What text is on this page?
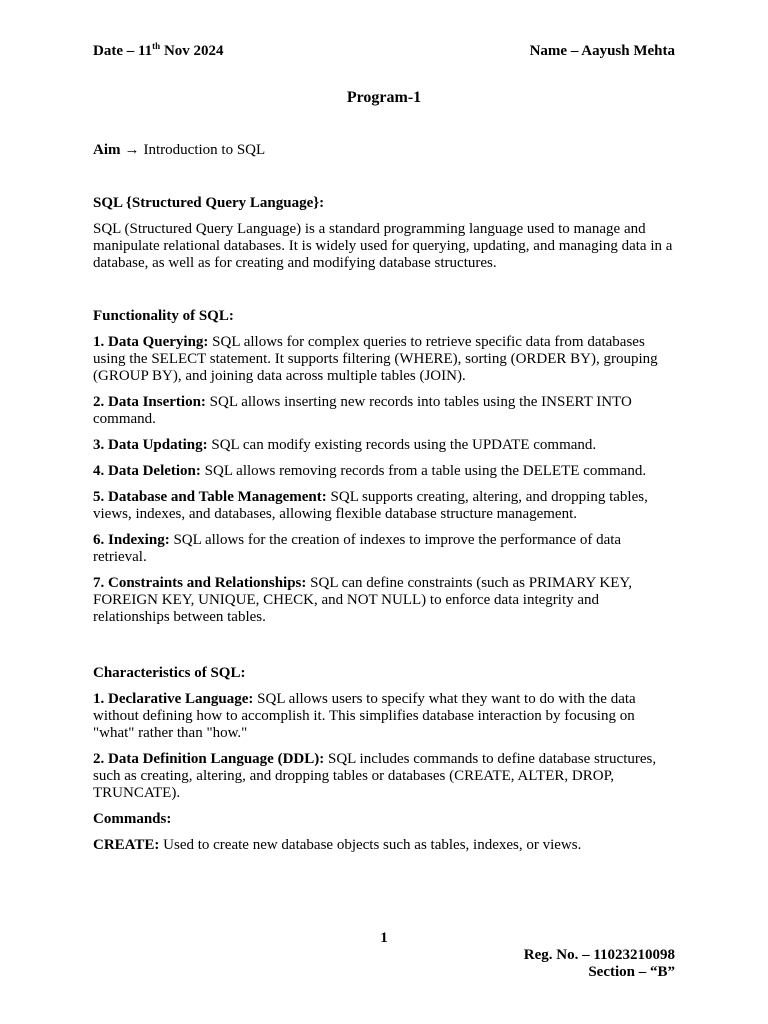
Date – 11th Nov 2024	Name – Aayush Mehta
Program-1
Aim → Introduction to SQL

SQL {Structured Query Language}:

SQL (Structured Query Language) is a standard programming language used to manage and manipulate relational databases. It is widely used for querying, updating, and managing data in a database, as well as for creating and modifying database structures.

Functionality of SQL:

1. Data Querying: SQL allows for complex queries to retrieve specific data from databases using the SELECT statement. It supports filtering (WHERE), sorting (ORDER BY), grouping (GROUP BY), and joining data across multiple tables (JOIN).

2. Data Insertion: SQL allows inserting new records into tables using the INSERT INTO command.

3. Data Updating: SQL can modify existing records using the UPDATE command.

4. Data Deletion: SQL allows removing records from a table using the DELETE command.

5. Database and Table Management: SQL supports creating, altering, and dropping tables, views, indexes, and databases, allowing flexible database structure management.

6. Indexing: SQL allows for the creation of indexes to improve the performance of data retrieval.

7. Constraints and Relationships: SQL can define constraints (such as PRIMARY KEY, FOREIGN KEY, UNIQUE, CHECK, and NOT NULL) to enforce data integrity and relationships between tables.

Characteristics of SQL:

1. Declarative Language: SQL allows users to specify what they want to do with the data without defining how to accomplish it. This simplifies database interaction by focusing on "what" rather than "how."

2. Data Definition Language (DDL): SQL includes commands to define database structures, such as creating, altering, and dropping tables or databases (CREATE, ALTER, DROP, TRUNCATE).

Commands:

CREATE: Used to create new database objects such as tables, indexes, or views.

1
Reg. No. – 11023210098
Section – “B”
